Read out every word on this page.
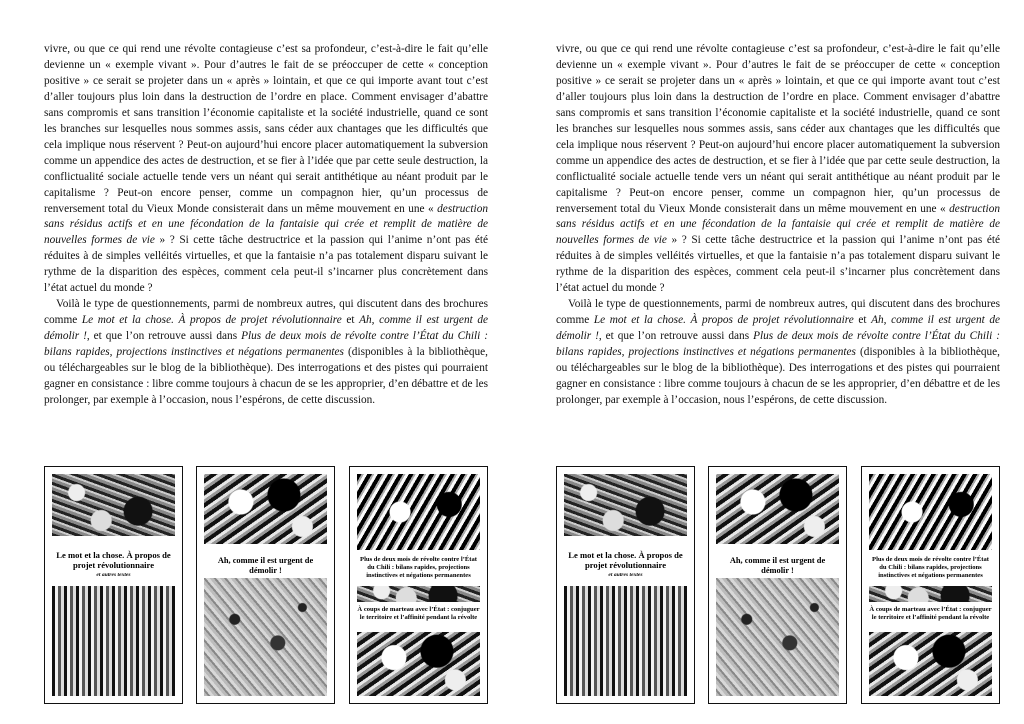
vivre, ou que ce qui rend une révolte contagieuse c’est sa profondeur, c’est-à-dire le fait qu’elle devienne un « exemple vivant ». Pour d’autres le fait de se préoccuper de cette « conception positive » ce serait se projeter dans un « après » lointain, et que ce qui importe avant tout c’est d’aller toujours plus loin dans la destruction de l’ordre en place. Comment envisager d’abattre sans compromis et sans transition l’économie capitaliste et la société industrielle, quand ce sont les branches sur lesquelles nous sommes assis, sans céder aux chantages que les difficultés que cela implique nous réservent ? Peut-on aujourd’hui encore placer automatiquement la subversion comme un appendice des actes de destruction, et se fier à l’idée que par cette seule destruction, la conflictualité sociale actuelle tende vers un néant qui serait antithétique au néant produit par le capitalisme ? Peut-on encore penser, comme un compagnon hier, qu’un processus de renversement total du Vieux Monde consisterait dans un même mouvement en une « destruction sans résidus actifs et en une fécondation de la fantaisie qui crée et remplit de matière de nouvelles formes de vie » ? Si cette tâche destructrice et la passion qui l’anime n’ont pas été réduites à de simples velléités virtuelles, et que la fantaisie n’a pas totalement disparu suivant le rythme de la disparition des espèces, comment cela peut-il s’incarner plus concrètement dans l’état actuel du monde ?

Voilà le type de questionnements, parmi de nombreux autres, qui discutent dans des brochures comme Le mot et la chose. À propos de projet révolutionnaire et Ah, comme il est urgent de démolir !, et que l’on retrouve aussi dans Plus de deux mois de révolte contre l’État du Chili : bilans rapides, projections instinctives et négations permanentes (disponibles à la bibliothèque, ou téléchargeables sur le blog de la bibliothèque). Des interrogations et des pistes qui pourraient gagner en consistance : libre comme toujours à chacun de se les approprier, d’en débattre et de les prolonger, par exemple à l’occasion, nous l’espérons, de cette discussion.

Le mot et la chose. À propos de projet révolutionnaire
et autres textes
Ah, comme il est urgent de démolir !
Plus de deux mois de révolte contre l’État du Chili : bilans rapides, projections instinctives et négations permanentes
À coups de marteau avec l’État : conjuguer le territoire et l’affinité pendant la révolte

vivre, ou que ce qui rend une révolte contagieuse c’est sa profondeur, c’est-à-dire le fait qu’elle devienne un « exemple vivant ». Pour d’autres le fait de se préoccuper de cette « conception positive » ce serait se projeter dans un « après » lointain, et que ce qui importe avant tout c’est d’aller toujours plus loin dans la destruction de l’ordre en place. Comment envisager d’abattre sans compromis et sans transition l’économie capitaliste et la société industrielle, quand ce sont les branches sur lesquelles nous sommes assis, sans céder aux chantages que les difficultés que cela implique nous réservent ? Peut-on aujourd’hui encore placer automatiquement la subversion comme un appendice des actes de destruction, et se fier à l’idée que par cette seule destruction, la conflictualité sociale actuelle tende vers un néant qui serait antithétique au néant produit par le capitalisme ? Peut-on encore penser, comme un compagnon hier, qu’un processus de renversement total du Vieux Monde consisterait dans un même mouvement en une « destruction sans résidus actifs et en une fécondation de la fantaisie qui crée et remplit de matière de nouvelles formes de vie » ? Si cette tâche destructrice et la passion qui l’anime n’ont pas été réduites à de simples velléités virtuelles, et que la fantaisie n’a pas totalement disparu suivant le rythme de la disparition des espèces, comment cela peut-il s’incarner plus concrètement dans l’état actuel du monde ?

Voilà le type de questionnements, parmi de nombreux autres, qui discutent dans des brochures comme Le mot et la chose. À propos de projet révolutionnaire et Ah, comme il est urgent de démolir !, et que l’on retrouve aussi dans Plus de deux mois de révolte contre l’État du Chili : bilans rapides, projections instinctives et négations permanentes (disponibles à la bibliothèque, ou téléchargeables sur le blog de la bibliothèque). Des interrogations et des pistes qui pourraient gagner en consistance : libre comme toujours à chacun de se les approprier, d’en débattre et de les prolonger, par exemple à l’occasion, nous l’espérons, de cette discussion.

Le mot et la chose. À propos de projet révolutionnaire
et autres textes
Ah, comme il est urgent de démolir !
Plus de deux mois de révolte contre l’État du Chili : bilans rapides, projections instinctives et négations permanentes
À coups de marteau avec l’État : conjuguer le territoire et l’affinité pendant la révolte
